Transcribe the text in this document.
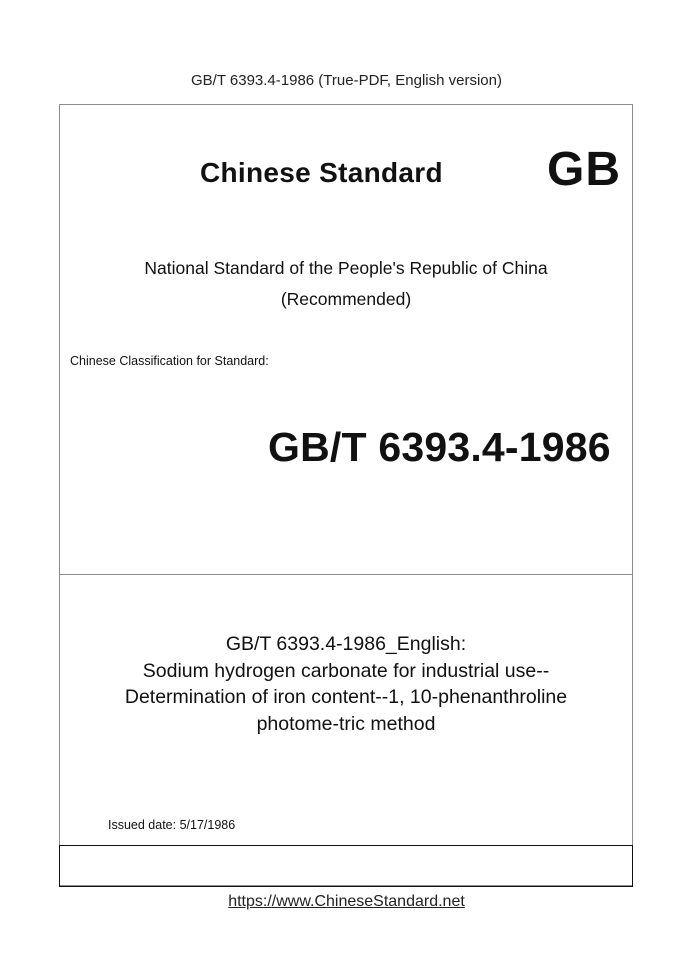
GB/T 6393.4-1986 (True-PDF, English version)
Chinese Standard GB
National Standard of the People's Republic of China
(Recommended)
Chinese Classification for Standard:
GB/T 6393.4-1986
GB/T 6393.4-1986_English:
Sodium hydrogen carbonate for industrial use--
Determination of iron content--1, 10-phenanthroline
photome-tric method
Issued date: 5/17/1986
https://www.ChineseStandard.net
